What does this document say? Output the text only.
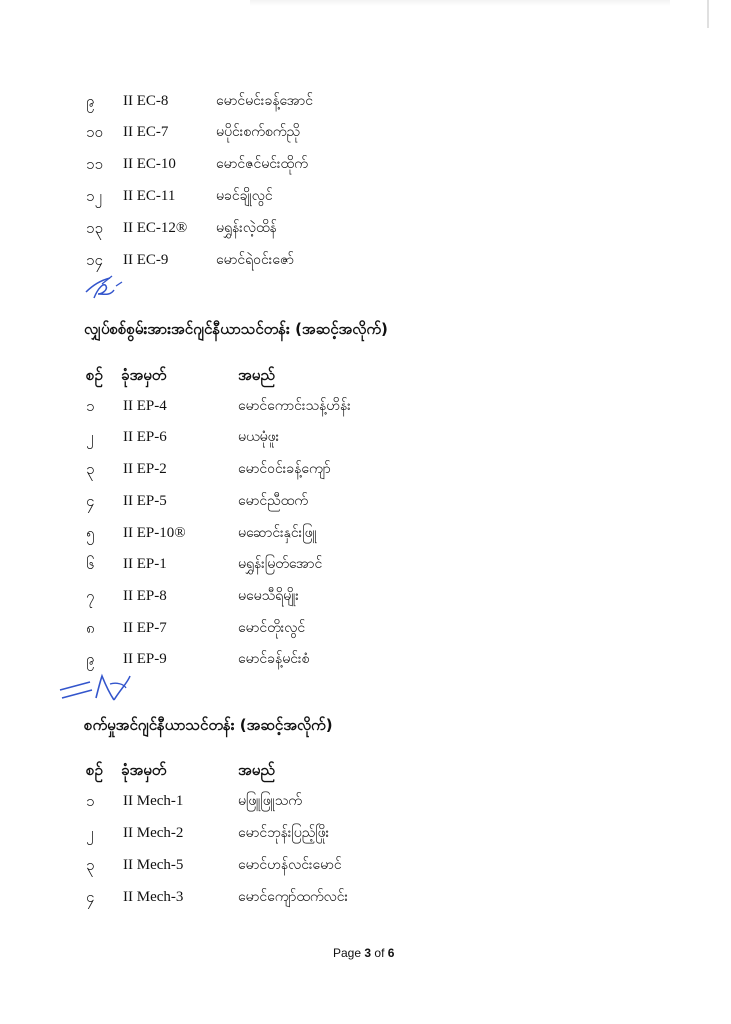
၉ II EC-8	မောင်မင်းခန့်အောင်
၁၀ II EC-7	မပိုင်းစက်စက်ညို
၁၁ II EC-10	မောင်ဇင်မင်းထိုက်
၁၂ II EC-11	မခင်ချိုလွင်
၁၃ II EC-12® မရွှန်းလဲ့ထိန်
၁၄ II EC-9	မောင်ရဲဝင်းဇော်
လျှပ်စစ်စွမ်းအားအင်ဂျင်နီယာသင်တန်း (အဆင့်အလိုက်)
စဥ် ခုံအမှတ်	အမည်
၁ II EP-4	မောင်ကောင်းသန့်ဟိန်း
၂ II EP-6	မယမုံဖူး
၃ II EP-2	မောင်ဝင်းခန့်ကျော်
၄ II EP-5	မောင်ညီထက်
၅ II EP-10®	မဆောင်းနှင်းဖြူ
၆ II EP-1	မရွှန်းမြတ်အောင်
၇ II EP-8	မမေသီရိမျိုး
၈ II EP-7	မောင်တိုးလွင်
၉ II EP-9	မောင်ခန့်မင်းစံ
စက်မှုအင်ဂျင်နီယာသင်တန်း (အဆင့်အလိုက်)
စဥ် ခုံအမှတ်	အမည်
၁ II Mech-1	မဖြူဖြူသက်
၂ II Mech-2	မောင်ဘုန်းပြည့်ဖြိုး
၃ II Mech-5	မောင်ဟန်လင်းမောင်
၄ II Mech-3	မောင်ကျော်ထက်လင်း
Page 3 of 6
